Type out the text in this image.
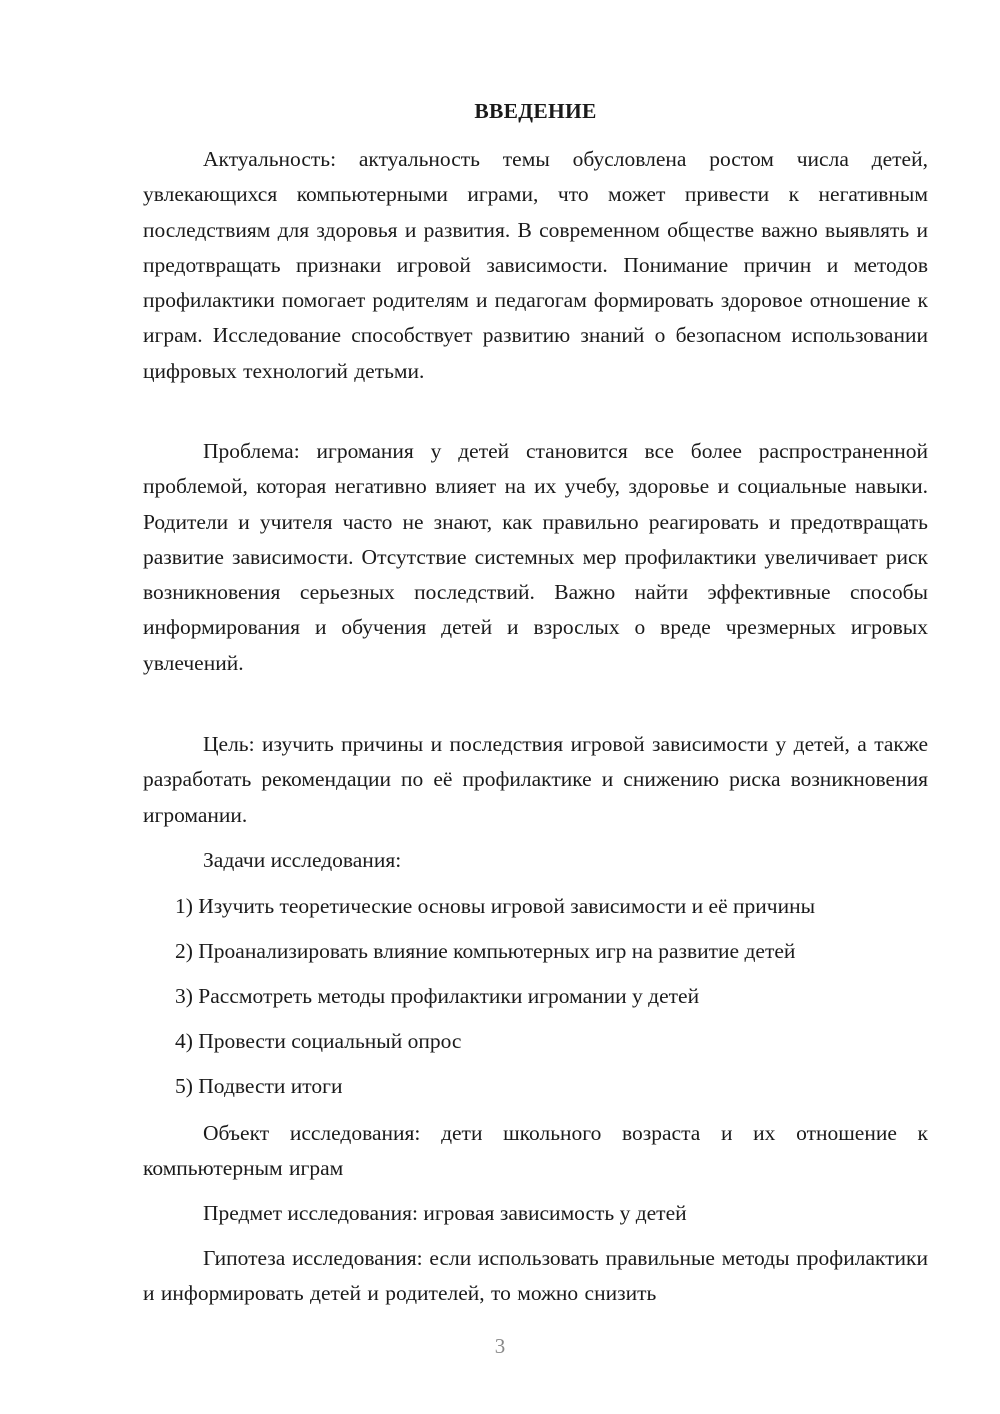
ВВЕДЕНИЕ

Актуальность: актуальность темы обусловлена ростом числа детей, увлекающихся компьютерными играми, что может привести к негативным последствиям для здоровья и развития. В современном обществе важно выявлять и предотвращать признаки игровой зависимости. Понимание причин и методов профилактики помогает родителям и педагогам формировать здоровое отношение к играм. Исследование способствует развитию знаний о безопасном использовании цифровых технологий детьми.

Проблема: игромания у детей становится все более распространенной проблемой, которая негативно влияет на их учебу, здоровье и социальные навыки. Родители и учителя часто не знают, как правильно реагировать и предотвращать развитие зависимости. Отсутствие системных мер профилактики увеличивает риск возникновения серьезных последствий. Важно найти эффективные способы информирования и обучения детей и взрослых о вреде чрезмерных игровых увлечений.

Цель: изучить причины и последствия игровой зависимости у детей, а также разработать рекомендации по её профилактике и снижению риска возникновения игромании.

Задачи исследования:

1) Изучить теоретические основы игровой зависимости и её причины

2) Проанализировать влияние компьютерных игр на развитие детей

3) Рассмотреть методы профилактики игромании у детей

4) Провести социальный опрос

5) Подвести итоги

Объект исследования: дети школьного возраста и их отношение к компьютерным играм

Предмет исследования: игровая зависимость у детей

Гипотеза исследования: если использовать правильные методы профилактики и информировать детей и родителей, то можно снизить

3
